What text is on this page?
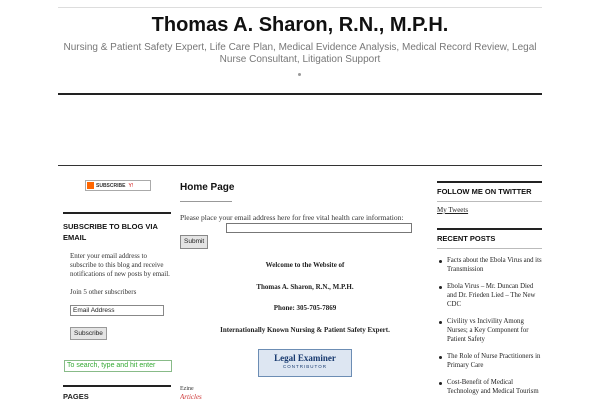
Thomas A. Sharon, R.N., M.P.H.
Nursing & Patient Safety Expert, Life Care Plan, Medical Evidence Analysis, Medical Record Review, Legal Nurse Consultant, Litigation Support
SUBSCRIBE Y!
SUBSCRIBE TO BLOG VIA EMAIL
Enter your email address to subscribe to this blog and receive notifications of new posts by email.
Join 5 other subscribers
Email Address
Subscribe
To search, type and hit enter
PAGES
Home Page
Please place your email address here for free vital health care information:
Submit
Welcome to the Website of
Thomas A. Sharon, R.N., M.P.H.
Phone: 305-705-7869
Internationally Known Nursing & Patient Safety Expert.
Legal Examiner
CONTRIBUTOR
Ezine
Articles
FOLLOW ME ON TWITTER
My Tweets
RECENT POSTS
Facts about the Ebola Virus and its Transmission
Ebola Virus – Mr. Duncan Died and Dr. Frieden Lied – The New CDC
Civility vs Incivility Among Nurses; a Key Component for Patient Safety
The Role of Nurse Practitioners in Primary Care
Cost-Benefit of Medical Technology and Medical Tourism
